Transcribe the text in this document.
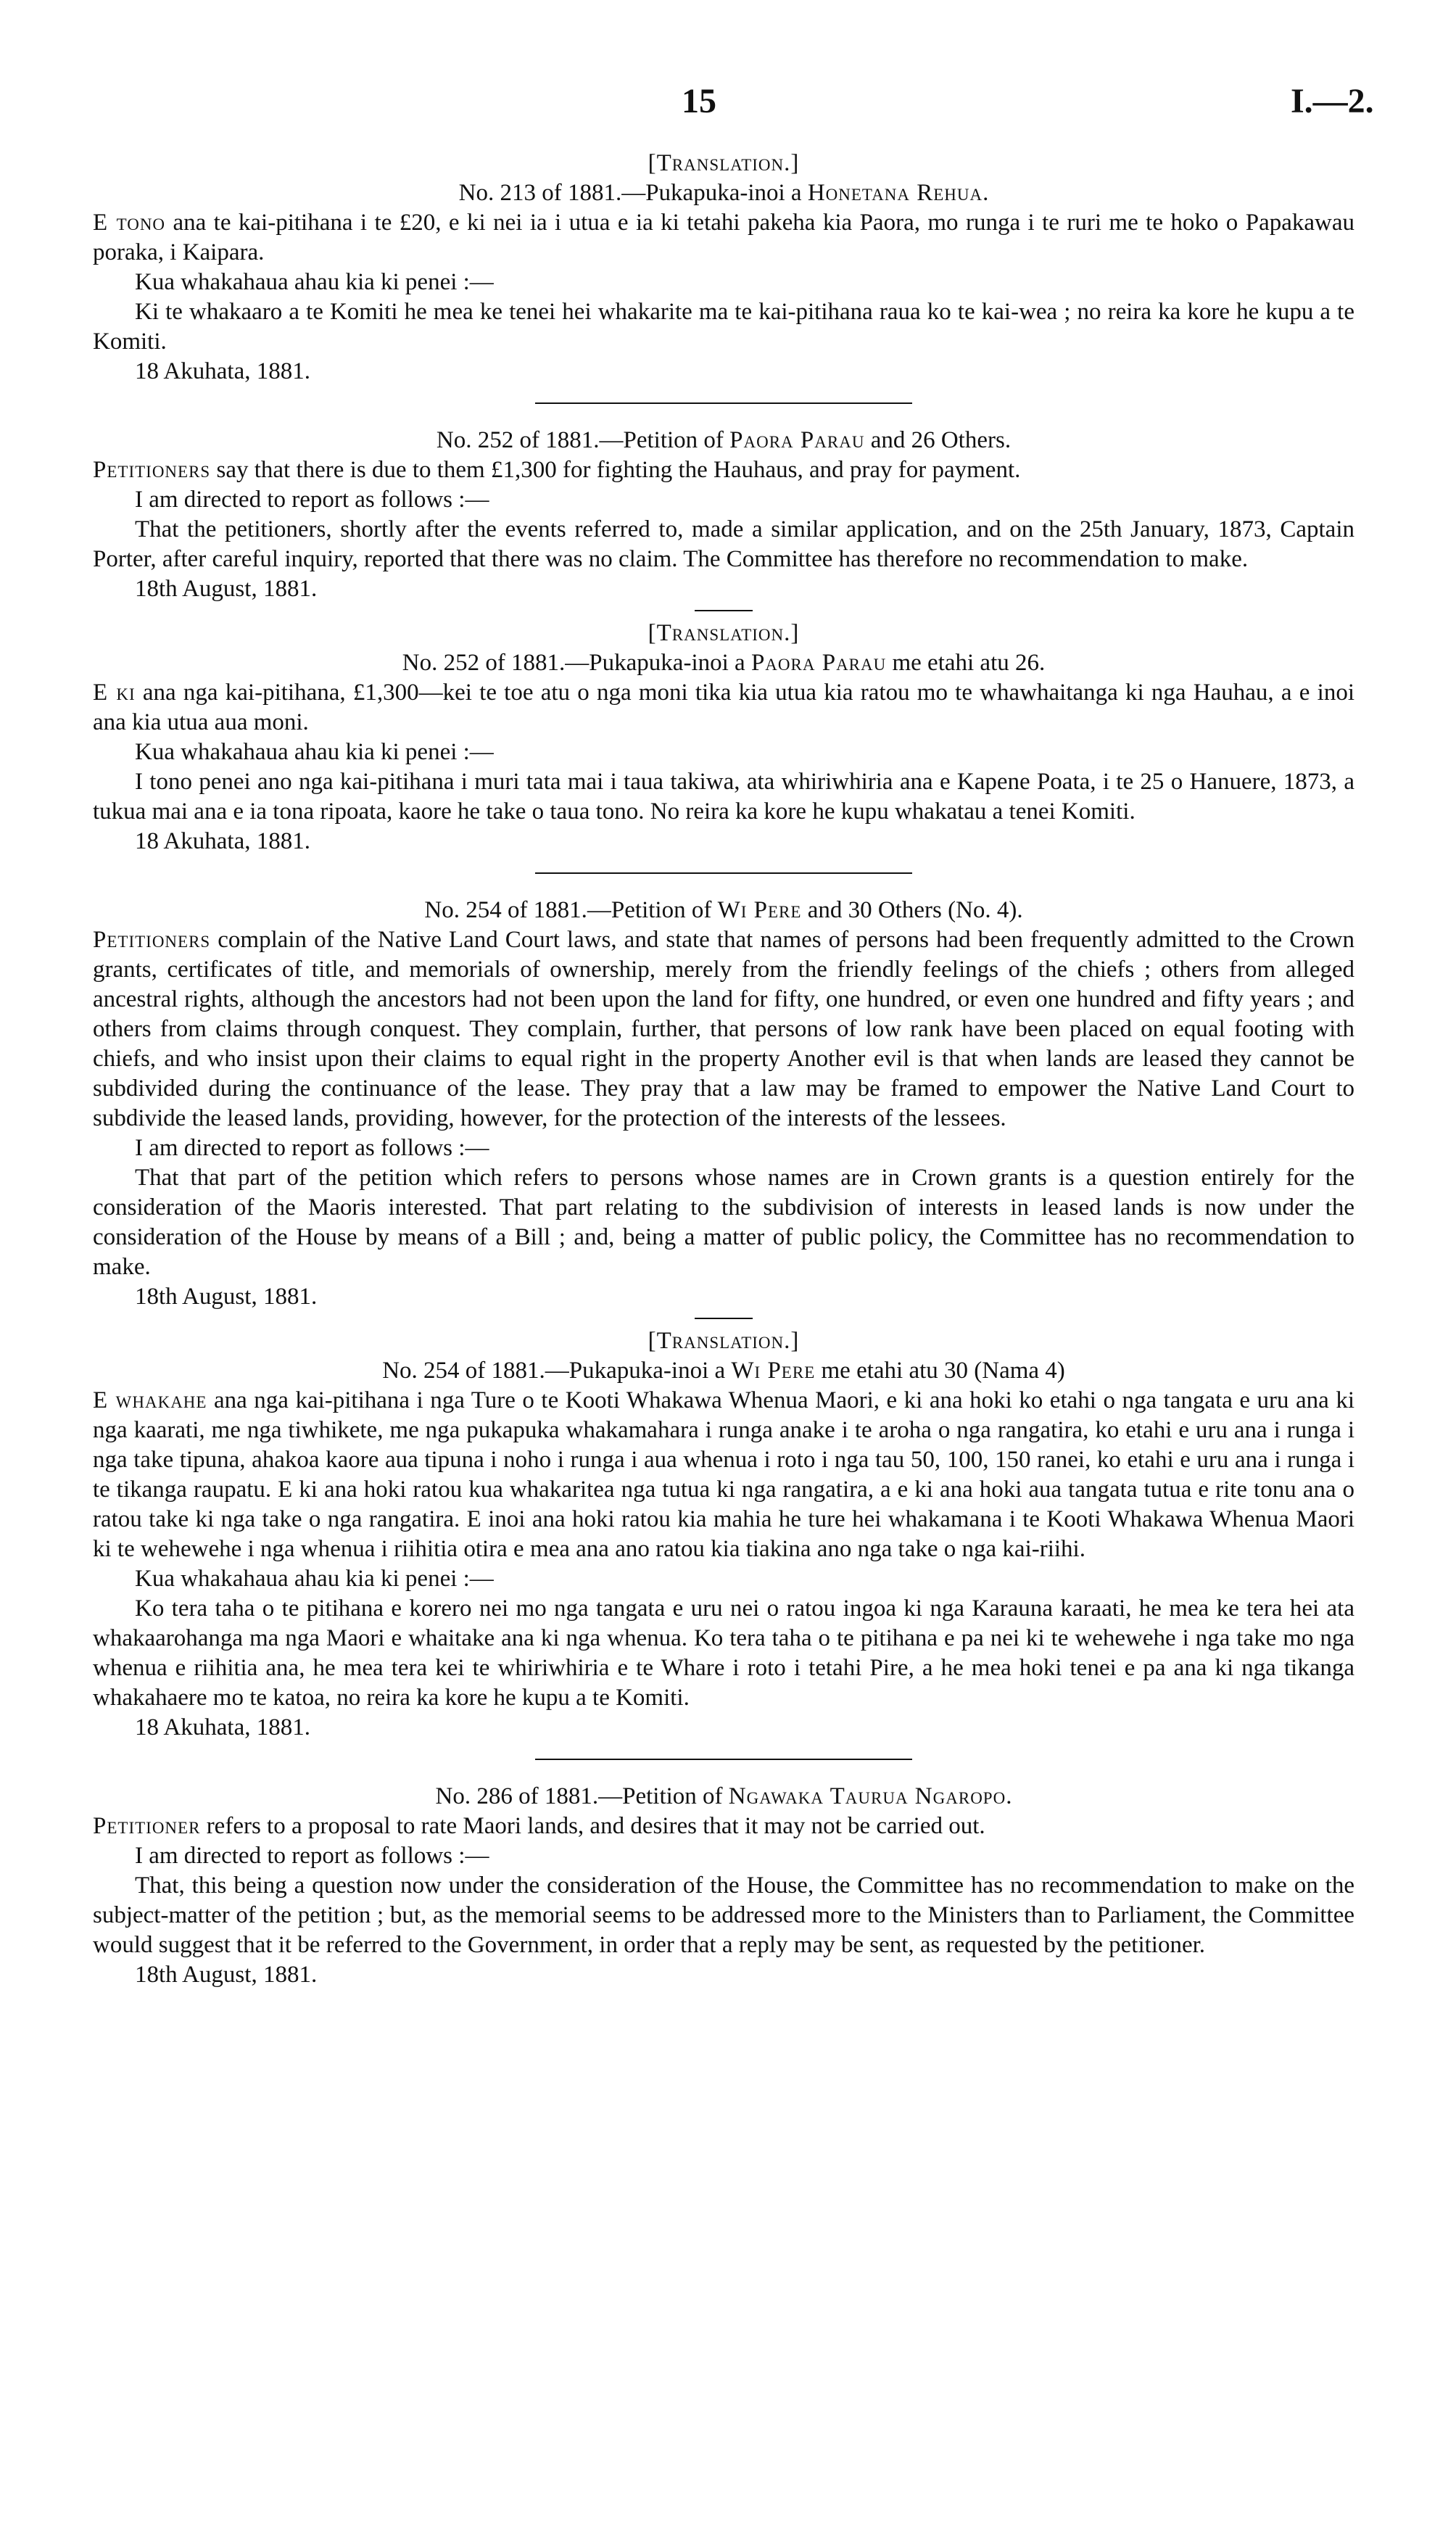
15	I.—2.
[Translation.]
No. 213 of 1881.—Pukapuka-inoi a Honetana Rehua.

E tono ana te kai-pitihana i te £20, e ki nei ia i utua e ia ki tetahi pakeha kia Paora, mo runga i te ruri me te hoko o Papakawau poraka, i Kaipara.

Kua whakahaua ahau kia ki penei :—

Ki te whakaaro a te Komiti he mea ke tenei hei whakarite ma te kai-pitihana raua ko te kai-wea ; no reira ka kore he kupu a te Komiti.

18 Akuhata, 1881.

No. 252 of 1881.—Petition of Paora Parau and 26 Others.

Petitioners say that there is due to them £1,300 for fighting the Hauhaus, and pray for payment.

I am directed to report as follows :—

That the petitioners, shortly after the events referred to, made a similar application, and on the 25th January, 1873, Captain Porter, after careful inquiry, reported that there was no claim. The Committee has therefore no recommendation to make.

18th August, 1881.

[Translation.]
No. 252 of 1881.—Pukapuka-inoi a Paora Parau me etahi atu 26.

E ki ana nga kai-pitihana, £1,300—kei te toe atu o nga moni tika kia utua kia ratou mo te whawhaitanga ki nga Hauhau, a e inoi ana kia utua aua moni.

Kua whakahaua ahau kia ki penei :—

I tono penei ano nga kai-pitihana i muri tata mai i taua takiwa, ata whiriwhiria ana e Kapene Poata, i te 25 o Hanuere, 1873, a tukua mai ana e ia tona ripoata, kaore he take o taua tono. No reira ka kore he kupu whakatau a tenei Komiti.

18 Akuhata, 1881.

No. 254 of 1881.—Petition of Wi Pere and 30 Others (No. 4).

Petitioners complain of the Native Land Court laws, and state that names of persons had been frequently admitted to the Crown grants, certificates of title, and memorials of ownership, merely from the friendly feelings of the chiefs ; others from alleged ancestral rights, although the ancestors had not been upon the land for fifty, one hundred, or even one hundred and fifty years ; and others from claims through conquest. They complain, further, that persons of low rank have been placed on equal footing with chiefs, and who insist upon their claims to equal right in the property Another evil is that when lands are leased they cannot be subdivided during the continuance of the lease. They pray that a law may be framed to empower the Native Land Court to subdivide the leased lands, providing, however, for the protection of the interests of the lessees.

I am directed to report as follows :—

That that part of the petition which refers to persons whose names are in Crown grants is a question entirely for the consideration of the Maoris interested. That part relating to the subdivision of interests in leased lands is now under the consideration of the House by means of a Bill ; and, being a matter of public policy, the Committee has no recommendation to make.

18th August, 1881.

[Translation.]
No. 254 of 1881.—Pukapuka-inoi a Wi Pere me etahi atu 30 (Nama 4)

E whakahe ana nga kai-pitihana i nga Ture o te Kooti Whakawa Whenua Maori, e ki ana hoki ko etahi o nga tangata e uru ana ki nga kaarati, me nga tiwhikete, me nga pukapuka whakamahara i runga anake i te aroha o nga rangatira, ko etahi e uru ana i runga i nga take tipuna, ahakoa kaore aua tipuna i noho i runga i aua whenua i roto i nga tau 50, 100, 150 ranei, ko etahi e uru ana i runga i te tikanga raupatu. E ki ana hoki ratou kua whakaritea nga tutua ki nga rangatira, a e ki ana hoki aua tangata tutua e rite tonu ana o ratou take ki nga take o nga rangatira. E inoi ana hoki ratou kia mahia he ture hei whakamana i te Kooti Whakawa Whenua Maori ki te wehewehe i nga whenua i riihitia otira e mea ana ano ratou kia tiakina ano nga take o nga kai-riihi.

Kua whakahaua ahau kia ki penei :—

Ko tera taha o te pitihana e korero nei mo nga tangata e uru nei o ratou ingoa ki nga Karauna karaati, he mea ke tera hei ata whakaarohanga ma nga Maori e whaitake ana ki nga whenua. Ko tera taha o te pitihana e pa nei ki te wehewehe i nga take mo nga whenua e riihitia ana, he mea tera kei te whiriwhiria e te Whare i roto i tetahi Pire, a he mea hoki tenei e pa ana ki nga tikanga whakahaere mo te katoa, no reira ka kore he kupu a te Komiti.

18 Akuhata, 1881.

No. 286 of 1881.—Petition of Ngawaka Taurua Ngaropo.

Petitioner refers to a proposal to rate Maori lands, and desires that it may not be carried out.

I am directed to report as follows :—

That, this being a question now under the consideration of the House, the Committee has no recommendation to make on the subject-matter of the petition ; but, as the memorial seems to be addressed more to the Ministers than to Parliament, the Committee would suggest that it be referred to the Government, in order that a reply may be sent, as requested by the petitioner.

18th August, 1881.
